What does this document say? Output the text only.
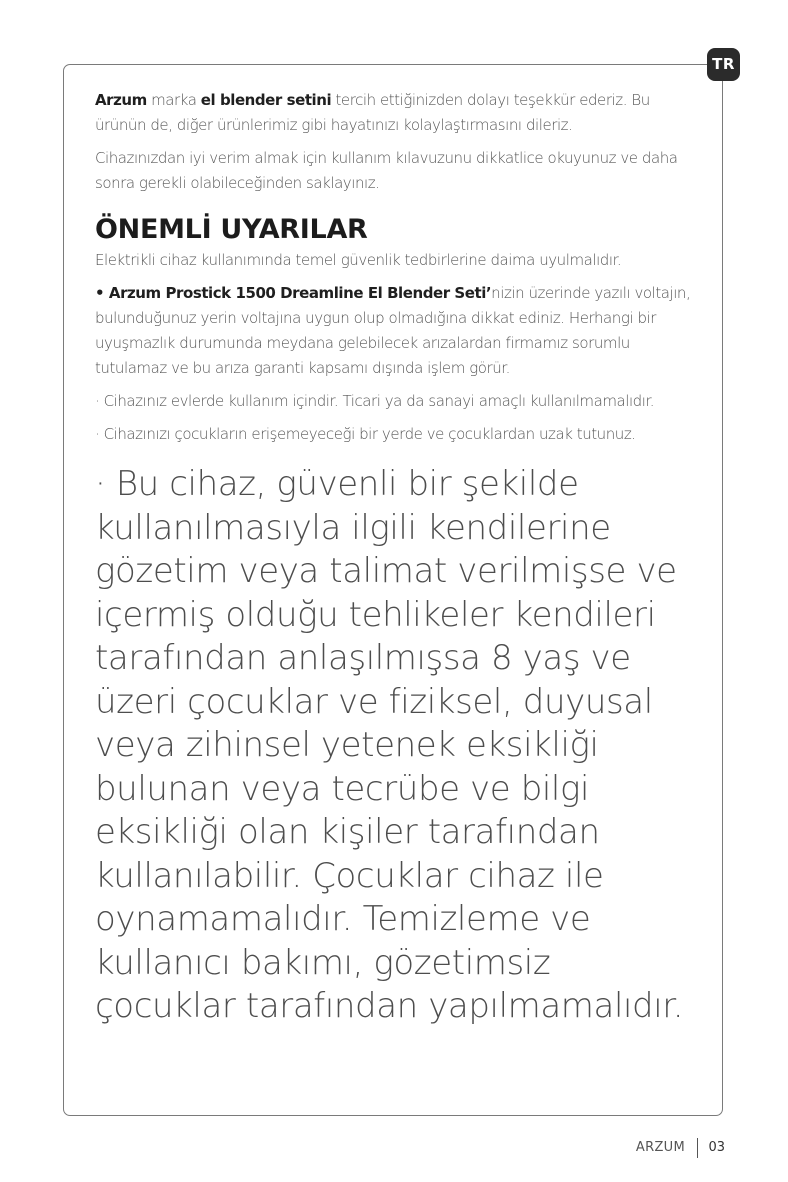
TR

Arzum marka el blender setini tercih ettiğinizden dolayı teşekkür ederiz. Bu ürünün de, diğer ürünlerimiz gibi hayatınızı kolaylaştırmasını dileriz.

Cihazınızdan iyi verim almak için kullanım kılavuzunu dikkatlice okuyunuz ve daha sonra gerekli olabileceğinden saklayınız.

ÖNEMLİ UYARILAR

Elektrikli cihaz kullanımında temel güvenlik tedbirlerine daima uyulmalıdır.

• Arzum Prostick 1500 Dreamline El Blender Seti’nizin üzerinde yazılı voltajın, bulunduğunuz yerin voltajına uygun olup olmadığına dikkat ediniz. Herhangi bir uyuşmazlık durumunda meydana gelebilecek arızalardan firmamız sorumlu tutulamaz ve bu arıza garanti kapsamı dışında işlem görür.

· Cihazınız evlerde kullanım içindir. Ticari ya da sanayi amaçlı kullanılmamalıdır.

· Cihazınızı çocukların erişemeyeceği bir yerde ve çocuklardan uzak tutunuz.

· Bu cihaz, güvenli bir şekilde kullanılmasıyla ilgili kendilerine gözetim veya talimat verilmişse ve içermiş olduğu tehlikeler kendileri tarafından anlaşılmışsa 8 yaş ve üzeri çocuklar ve fiziksel, duyusal veya zihinsel yetenek eksikliği bulunan veya tecrübe ve bilgi eksikliği olan kişiler tarafından kullanılabilir. Çocuklar cihaz ile oynamamalıdır. Temizleme ve kullanıcı bakımı, gözetimsiz çocuklar tarafından yapılmamalıdır.

ARZUM 03
